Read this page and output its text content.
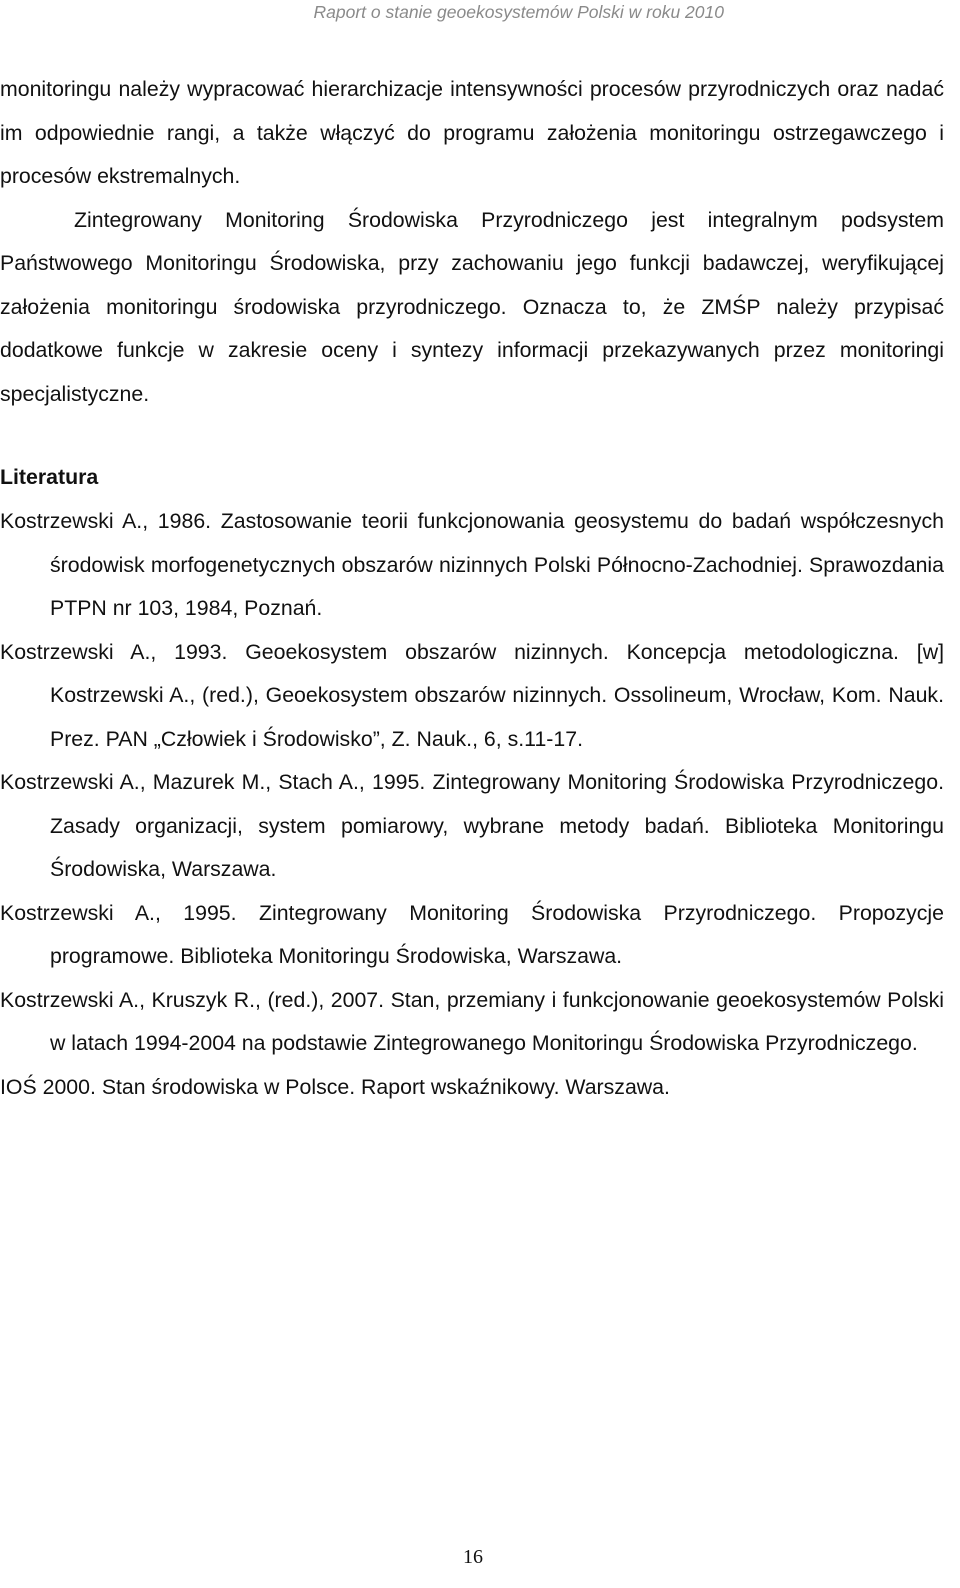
Raport o stanie geoekosystemów Polski w roku 2010

monitoringu należy wypracować hierarchizacje intensywności procesów przyrodniczych oraz nadać im odpowiednie rangi, a także włączyć do programu założenia monitoringu ostrzegawczego i procesów ekstremalnych.

Zintegrowany Monitoring Środowiska Przyrodniczego jest integralnym podsystem Państwowego Monitoringu Środowiska, przy zachowaniu jego funkcji badawczej, weryfikującej założenia monitoringu środowiska przyrodniczego. Oznacza to, że ZMŚP należy przypisać dodatkowe funkcje w zakresie oceny i syntezy informacji przekazywanych przez monitoringi specjalistyczne.

Literatura
Kostrzewski A., 1986. Zastosowanie teorii funkcjonowania geosystemu do badań współczesnych środowisk morfogenetycznych obszarów nizinnych Polski Północno-Zachodniej. Sprawozdania PTPN nr 103, 1984, Poznań.
Kostrzewski A., 1993. Geoekosystem obszarów nizinnych. Koncepcja metodologiczna. [w] Kostrzewski A., (red.), Geoekosystem obszarów nizinnych. Ossolineum, Wrocław, Kom. Nauk. Prez. PAN „Człowiek i Środowisko”, Z. Nauk., 6, s.11-17.
Kostrzewski A., Mazurek M., Stach A., 1995. Zintegrowany Monitoring Środowiska Przyrodniczego. Zasady organizacji, system pomiarowy, wybrane metody badań. Biblioteka Monitoringu Środowiska, Warszawa.
Kostrzewski A., 1995. Zintegrowany Monitoring Środowiska Przyrodniczego. Propozycje programowe. Biblioteka Monitoringu Środowiska, Warszawa.
Kostrzewski A., Kruszyk R., (red.), 2007. Stan, przemiany i funkcjonowanie geoekosystemów Polski w latach 1994-2004 na podstawie Zintegrowanego Monitoringu Środowiska Przyrodniczego.
IOŚ 2000. Stan środowiska w Polsce. Raport wskaźnikowy. Warszawa.
16
